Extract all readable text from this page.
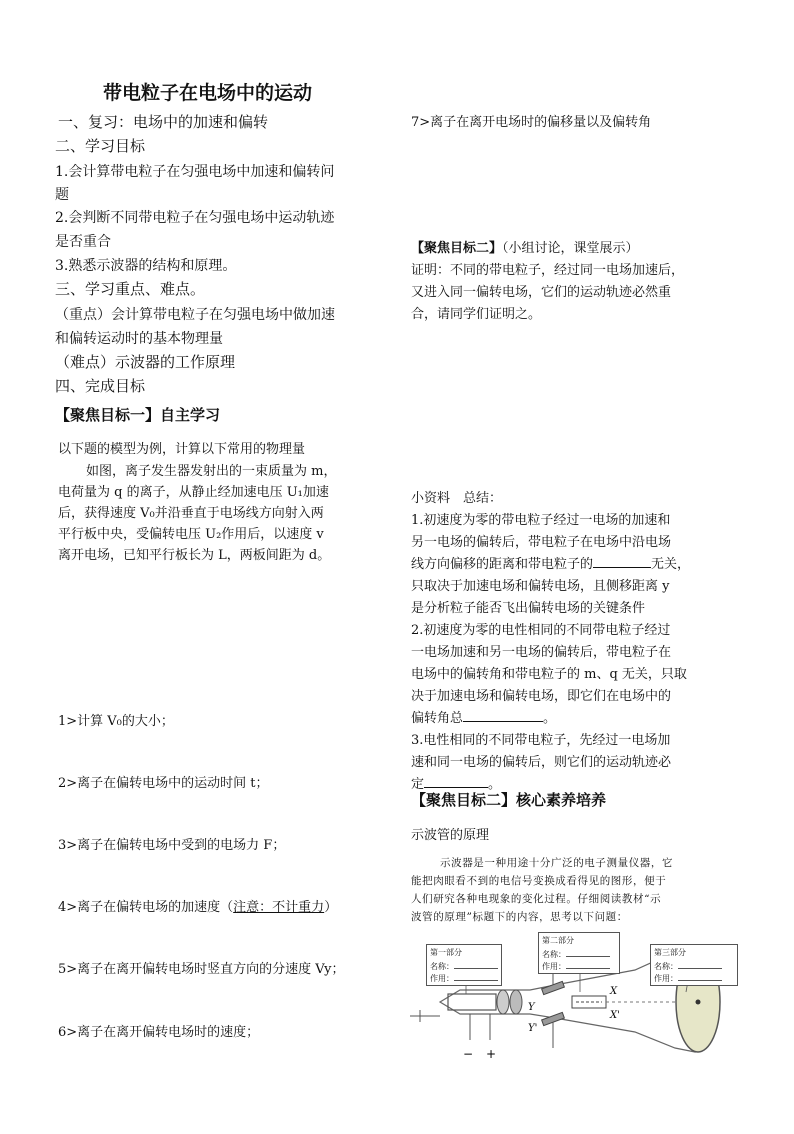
带电粒子在电场中的运动
一、复习：电场中的加速和偏转
二、学习目标
1.会计算带电粒子在匀强电场中加速和偏转问
题
2.会判断不同带电粒子在匀强电场中运动轨迹
是否重合
3.熟悉示波器的结构和原理。
三、学习重点、难点。
（重点）会计算带电粒子在匀强电场中做加速
和偏转运动时的基本物理量
（难点）示波器的工作原理
四、完成目标
【聚焦目标一】自主学习
以下题的模型为例，计算以下常用的物理量
如图，离子发生器发射出的一束质量为 m，
电荷量为 q 的离子，从静止经加速电压 U₁加速
后，获得速度 V₀并沿垂直于电场线方向射入两
平行板中央，受偏转电压 U₂作用后，以速度 v
离开电场，已知平行板长为 L，两板间距为 d。
1>计算 V₀的大小；
2>离子在偏转电场中的运动时间 t；
3>离子在偏转电场中受到的电场力 F；
4>离子在偏转电场的加速度（注意：不计重力）
5>离子在离开偏转电场时竖直方向的分速度 Vy；
6>离子在离开偏转电场时的速度；
7>离子在离开电场时的偏移量以及偏转角
【聚焦目标二】（小组讨论，课堂展示）
证明：不同的带电粒子，经过同一电场加速后，
又进入同一偏转电场，它们的运动轨迹必然重
合，请同学们证明之。
小资料　总结：
1.初速度为零的带电粒子经过一电场的加速和
另一电场的偏转后，带电粒子在电场中沿电场
线方向偏移的距离和带电粒子的	无关，
只取决于加速电场和偏转电场，且侧移距离 y
是分析粒子能否飞出偏转电场的关键条件
2.初速度为零的电性相同的不同带电粒子经过
一电场加速和另一电场的偏转后，带电粒子在
电场中的偏转角和带电粒子的 m、q 无关，只取
决于加速电场和偏转电场，即它们在电场中的
偏转角总	。
3.电性相同的不同带电粒子，先经过一电场加
速和同一电场的偏转后，则它们的运动轨迹必
定	。
【聚焦目标二】核心素养培养
示波管的原理
示波器是一种用途十分广泛的电子测量仪器，它
能把肉眼看不到的电信号变换成看得见的图形，便于
人们研究各种电现象的变化过程。仔细阅读教材“示
波管的原理”标题下的内容，思考以下问题：
Y
Y'
X
X'
− +
第一部分
名称：
作用：
第二部分
名称：
作用：
第三部分
名称：
作用：
